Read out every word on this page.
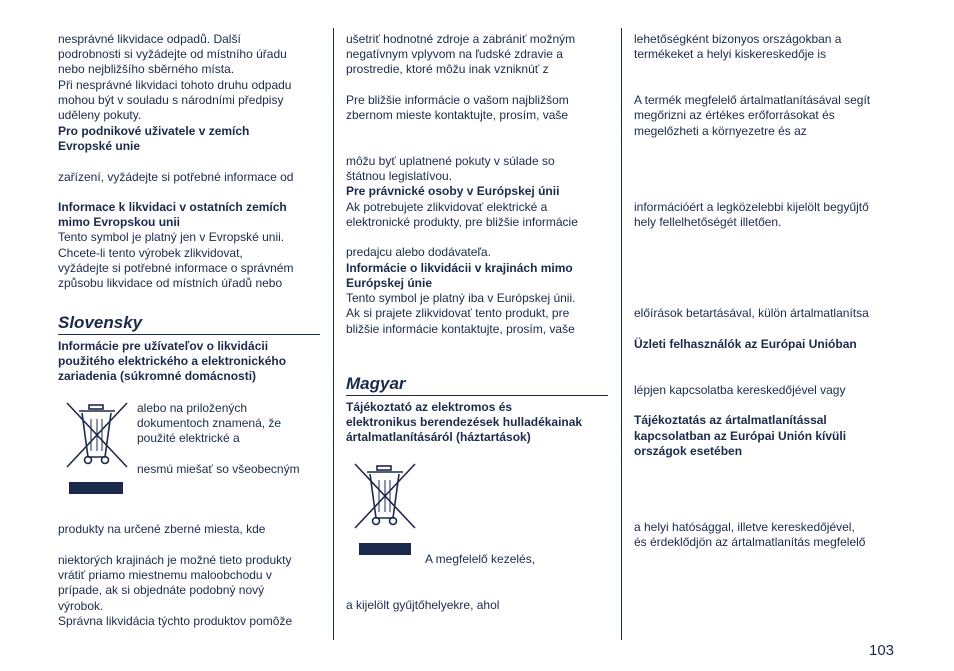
nesprávné likvidace odpadů. Další

podrobnosti si vyžádejte od místního úřadu

nebo nejbližšího sběrného místa.

Při nesprávné likvidaci tohoto druhu odpadu

mohou být v souladu s národními předpisy

uděleny pokuty.

Pro podnikové uživatele v zemích

Evropské unie

zařízení, vyžádejte si potřebné informace od

Informace k likvidaci v ostatních zemích

mimo Evropskou unii

Tento symbol je platný jen v Evropské unii.

Chcete-li tento výrobek zlikvidovat,

vyžádejte si potřebné informace o správném

způsobu likvidace od místních úřadů nebo

Slovensky

Informácie pre užívateľov o likvidácii

použitého elektrického a elektronického

zariadenia (súkromné domácnosti)

alebo na priložených

dokumentoch znamená, že

použité elektrické a

nesmú miešať so všeobecným

produkty na určené zberné miesta, kde

niektorých krajinách je možné tieto produkty

vrátiť priamo miestnemu maloobchodu v

prípade, ak si objednáte podobný nový

výrobok.

Správna likvidácia týchto produktov pomôže

ušetriť hodnotné zdroje a zabrániť možným

negatívnym vplyvom na ľudské zdravie a

prostredie, ktoré môžu inak vzniknúť z

Pre bližšie informácie o vašom najbližšom

zbernom mieste kontaktujte, prosím, vaše

môžu byť uplatnené pokuty v súlade so

štátnou legislatívou.

Pre právnické osoby v Európskej únii

Ak potrebujete zlikvidovať elektrické a

elektronické produkty, pre bližšie informácie

predajcu alebo dodávateľa.

Informácie o likvidácii v krajinách mimo

Európskej únie

Tento symbol je platný iba v Európskej únii.

Ak si prajete zlikvidovať tento produkt, pre

bližšie informácie kontaktujte, prosím, vaše

Magyar

Tájékoztató az elektromos és

elektronikus berendezések hulladékainak

ártalmatlanításáról (háztartások)

A megfelelő kezelés,

a kijelölt gyűjtőhelyekre, ahol

lehetőségként bizonyos országokban a

termékeket a helyi kiskereskedője is

A termék megfelelő ártalmatlanításával segít

megőrizni az értékes erőforrásokat és

megelőzheti a környezetre és az

információért a legközelebbi kijelölt begyűjtő

hely fellelhetőségét illetően.

előírások betartásával, külön ártalmatlanítsa

Üzleti felhasználók az Európai Unióban

lépjen kapcsolatba kereskedőjével vagy

Tájékoztatás az ártalmatlanítással

kapcsolatban az Európai Unión kívüli

országok esetében

a helyi hatósággal, illetve kereskedőjével,

és érdeklődjön az ártalmatlanítás megfelelő

103
